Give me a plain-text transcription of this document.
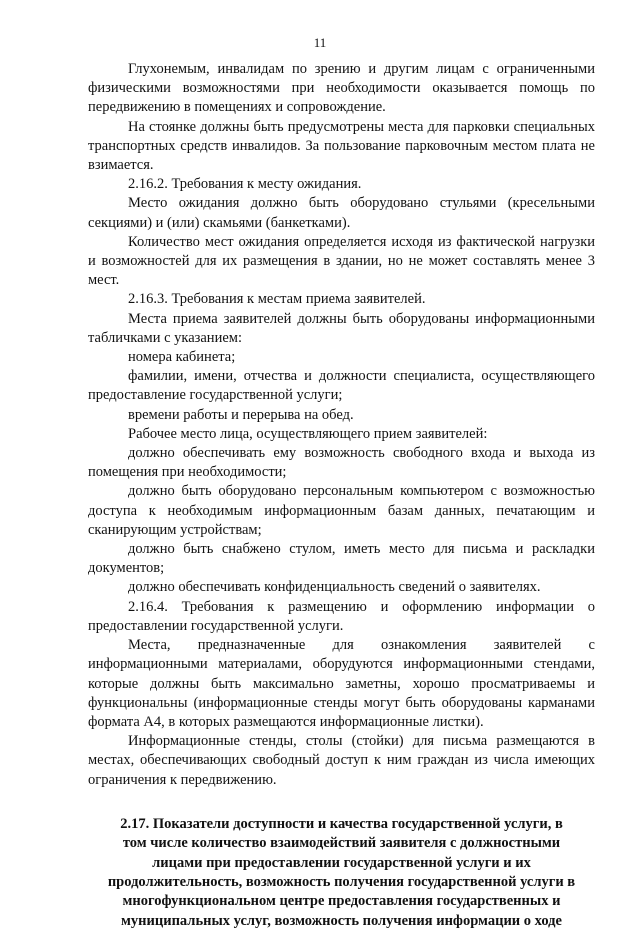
11

Глухонемым, инвалидам по зрению и другим лицам с ограниченными физическими возможностями при необходимости оказывается помощь по передвижению в помещениях и сопровождение.

На стоянке должны быть предусмотрены места для парковки специальных транспортных средств инвалидов. За пользование парковочным местом плата не взимается.

2.16.2. Требования к месту ожидания.

Место ожидания должно быть оборудовано стульями (кресельными секциями) и (или) скамьями (банкетками).

Количество мест ожидания определяется исходя из фактической нагрузки и возможностей для их размещения в здании, но не может составлять менее 3 мест.

2.16.3. Требования к местам приема заявителей.

Места приема заявителей должны быть оборудованы информационными табличками с указанием:

номера кабинета;

фамилии, имени, отчества и должности специалиста, осуществляющего предоставление государственной услуги;

времени работы и перерыва на обед.

Рабочее место лица, осуществляющего прием заявителей:

должно обеспечивать ему возможность свободного входа и выхода из помещения при необходимости;

должно быть оборудовано персональным компьютером с возможностью доступа к необходимым информационным базам данных, печатающим и сканирующим устройствам;

должно быть снабжено стулом, иметь место для письма и раскладки документов;

должно обеспечивать конфиденциальность сведений о заявителях.

2.16.4. Требования к размещению и оформлению информации о предоставлении государственной услуги.

Места, предназначенные для ознакомления заявителей с информационными материалами, оборудуются информационными стендами, которые должны быть максимально заметны, хорошо просматриваемы и функциональны (информационные стенды могут быть оборудованы карманами формата А4, в которых размещаются информационные листки).

Информационные стенды, столы (стойки) для письма размещаются в местах, обеспечивающих свободный доступ к ним граждан из числа имеющих ограничения к передвижению.

2.17. Показатели доступности и качества государственной услуги, в

том числе количество взаимодействий заявителя с должностными

лицами при предоставлении государственной услуги и их

продолжительность, возможность получения государственной услуги в

многофункциональном центре предоставления государственных и

муниципальных услуг, возможность получения информации о ходе
